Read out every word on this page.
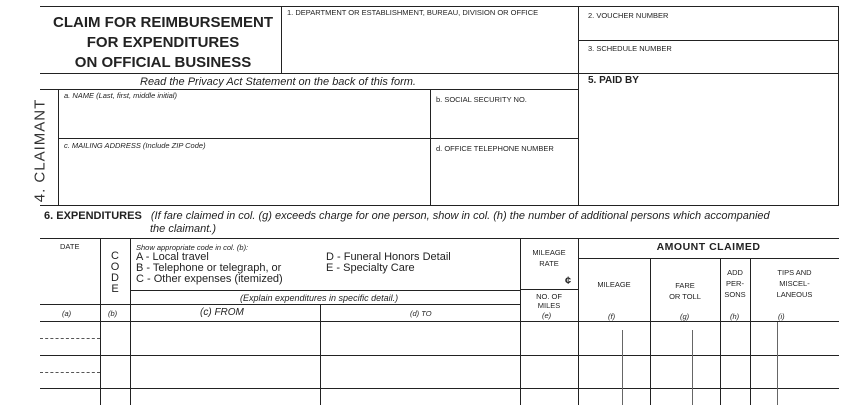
CLAIM FOR REIMBURSEMENT
FOR EXPENDITURES
ON OFFICIAL BUSINESS
1. DEPARTMENT OR ESTABLISHMENT, BUREAU, DIVISION OR OFFICE	2. VOUCHER NUMBER
3. SCHEDULE NUMBER
Read the Privacy Act Statement on the back of this form.	5. PAID BY
4. CLAIMANT
a. NAME (Last, first, middle initial)	b. SOCIAL SECURITY NO.
c. MAILING ADDRESS (Include ZIP Code)	d. OFFICE TELEPHONE NUMBER
6. EXPENDITURES (If fare claimed in col. (g) exceeds charge for one person, show in col. (h) the number of additional persons which accompanied
the claimant.)
DATE
C
O
D
E
Show appropriate code in col. (b):
A - Local travel
B - Telephone or telegraph, or
C - Other expenses (itemized)
D - Funeral Honors Detail
E - Specialty Care
(Explain expenditures in specific detail.)
MILEAGE
RATE
¢
NO. OF
MILES
AMOUNT CLAIMED
MILEAGE	FARE
OR TOLL
ADD
PER-
SONS
TIPS AND
MISCEL-
LANEOUS
(a)	(b)	(c) FROM	(d) TO	(e)	(f)	(g)	(h)	(i)
